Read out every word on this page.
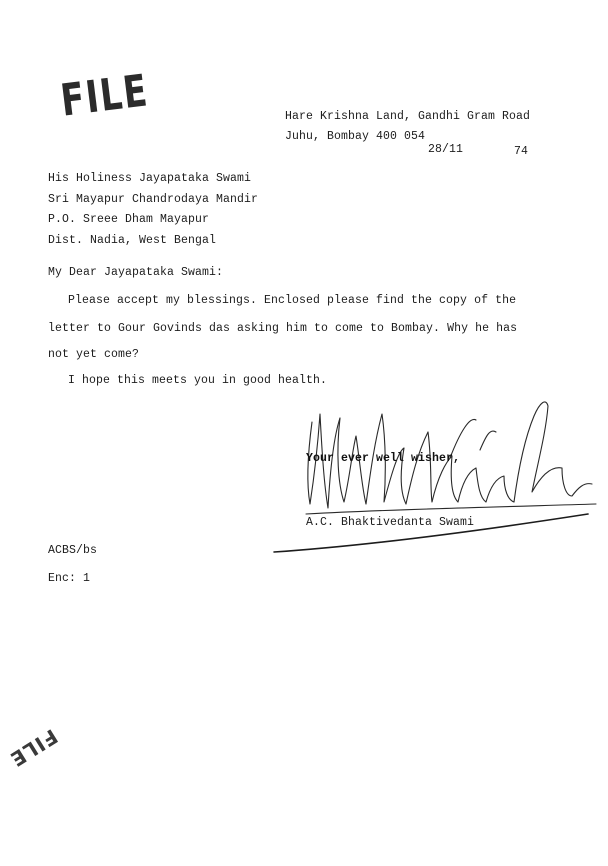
FILE	Hare Krishna Land, Gandhi Gram Road
Juhu, Bombay 400 054
28/11	74
His Holiness Jayapataka Swami
Sri Mayapur Chandrodaya Mandir
P.O. Sreee Dham Mayapur
Dist. Nadia, West Bengal
My Dear Jayapataka Swami:
Please accept my blessings. Enclosed please find the copy of the
letter to Gour Govinds das asking him to come to Bombay. Why he has
not yet come?
I hope this meets you in good health.
Your ever well wisher,
A.C. Bhaktivedanta Swami
ACBS/bs
Enc: 1
FILE
